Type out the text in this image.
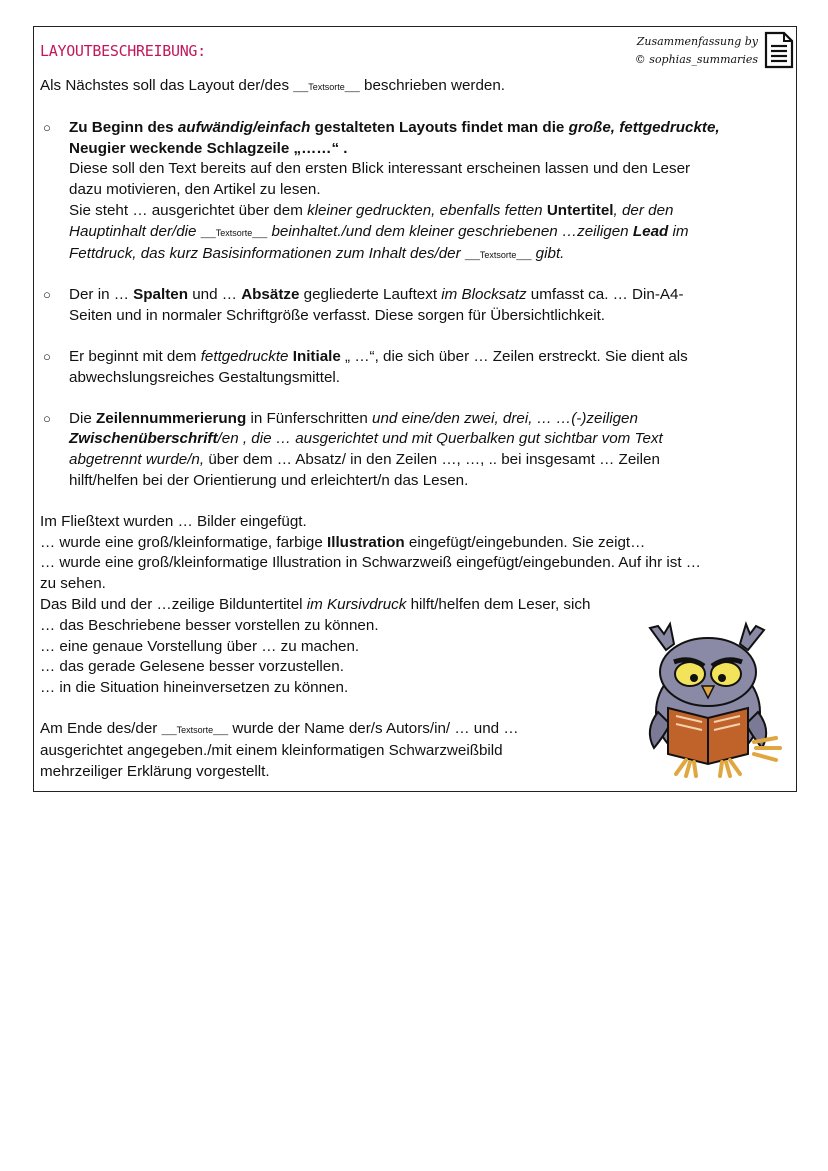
LAYOUTBESCHREIBUNG:
Zusammenfassung by
© sophias_summaries

Als Nächstes soll das Layout der/des ___Textsorte___ beschrieben werden.

○ Zu Beginn des aufwändig/einfach gestalteten Layouts findet man die große, fettgedruckte,
Neugier weckende Schlagzeile „……“ .
Diese soll den Text bereits auf den ersten Blick interessant erscheinen lassen und den Leser
dazu motivieren, den Artikel zu lesen.
Sie steht … ausgerichtet über dem kleiner gedruckten, ebenfalls fetten Untertitel, der den
Hauptinhalt der/die ___Textsorte___ beinhaltet./und dem kleiner geschriebenen …zeiligen Lead im
Fettdruck, das kurz Basisinformationen zum Inhalt des/der ___Textsorte___ gibt.
○ Der in … Spalten und … Absätze gegliederte Lauftext im Blocksatz umfasst ca. … Din-A4-
Seiten und in normaler Schriftgröße verfasst. Diese sorgen für Übersichtlichkeit.
○ Er beginnt mit dem fettgedruckte Initiale „ …“, die sich über … Zeilen erstreckt. Sie dient als
abwechslungsreiches Gestaltungsmittel.
○ Die Zeilennummerierung in Fünferschritten und eine/den zwei, drei, … …(-)zeiligen
Zwischenüberschrift/en , die … ausgerichtet und mit Querbalken gut sichtbar vom Text
abgetrennt wurde/n, über dem … Absatz/ in den Zeilen …, …, .. bei insgesamt … Zeilen
hilft/helfen bei der Orientierung und erleichtert/n das Lesen.
Im Fließtext wurden … Bilder eingefügt.
… wurde eine groß/kleinformatige, farbige Illustration eingefügt/eingebunden. Sie zeigt…
… wurde eine groß/kleinformatige Illustration in Schwarzweiß eingefügt/eingebunden. Auf ihr ist …
zu sehen.
Das Bild und der …zeilige Bilduntertitel im Kursivdruck hilft/helfen dem Leser, sich
… das Beschriebene besser vorstellen zu können.
… eine genaue Vorstellung über … zu machen.
… das gerade Gelesene besser vorzustellen.
… in die Situation hineinversetzen zu können.
Am Ende des/der ___Textsorte___ wurde der Name der/s Autors/in/ … und …
ausgerichtet angegeben./mit einem kleinformatigen Schwarzweißbild
mehrzeiliger Erklärung vorgestellt.
